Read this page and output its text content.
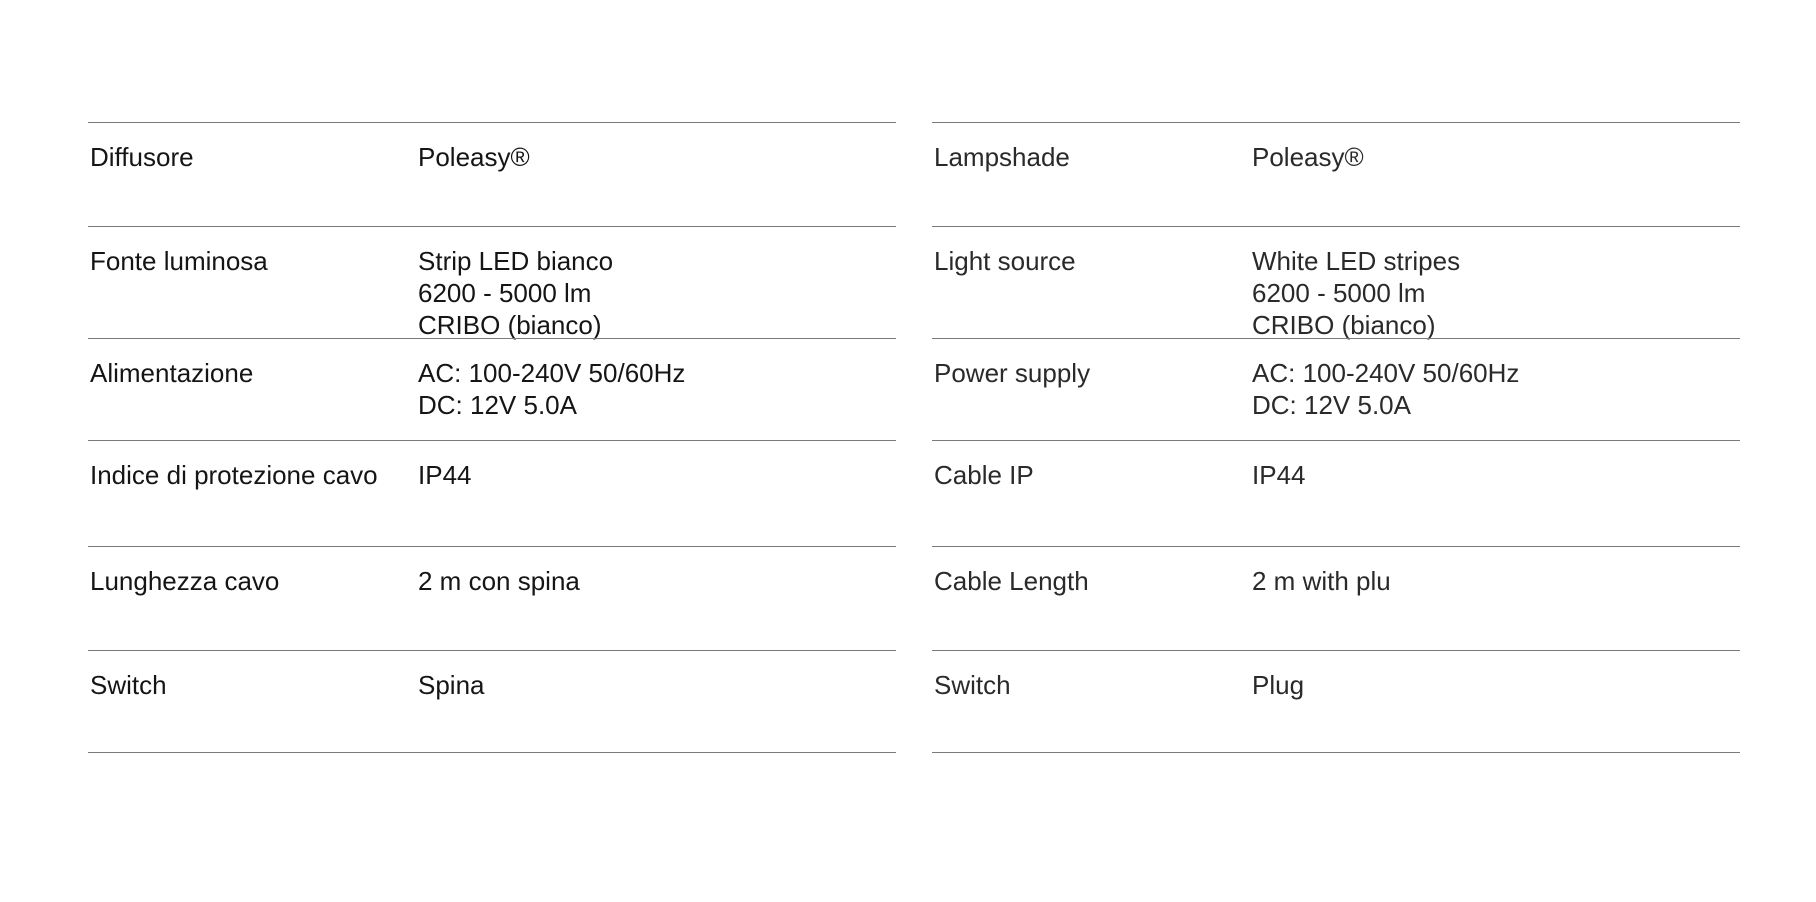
Diffusore	Poleasy®
Fonte luminosa	Strip LED bianco
6200 - 5000 lm
CRIBO (bianco)
Alimentazione	AC: 100-240V 50/60Hz
DC: 12V 5.0A
Indice di protezione cavo IP44
Lunghezza cavo	2 m con spina
Switch	Spina
Lampshade	Poleasy®
Light source	White LED stripes
6200 - 5000 lm
CRIBO (bianco)
Power supply	AC: 100-240V 50/60Hz
DC: 12V 5.0A
Cable IP	IP44
Cable Length	2 m with plu
Switch	Plug
